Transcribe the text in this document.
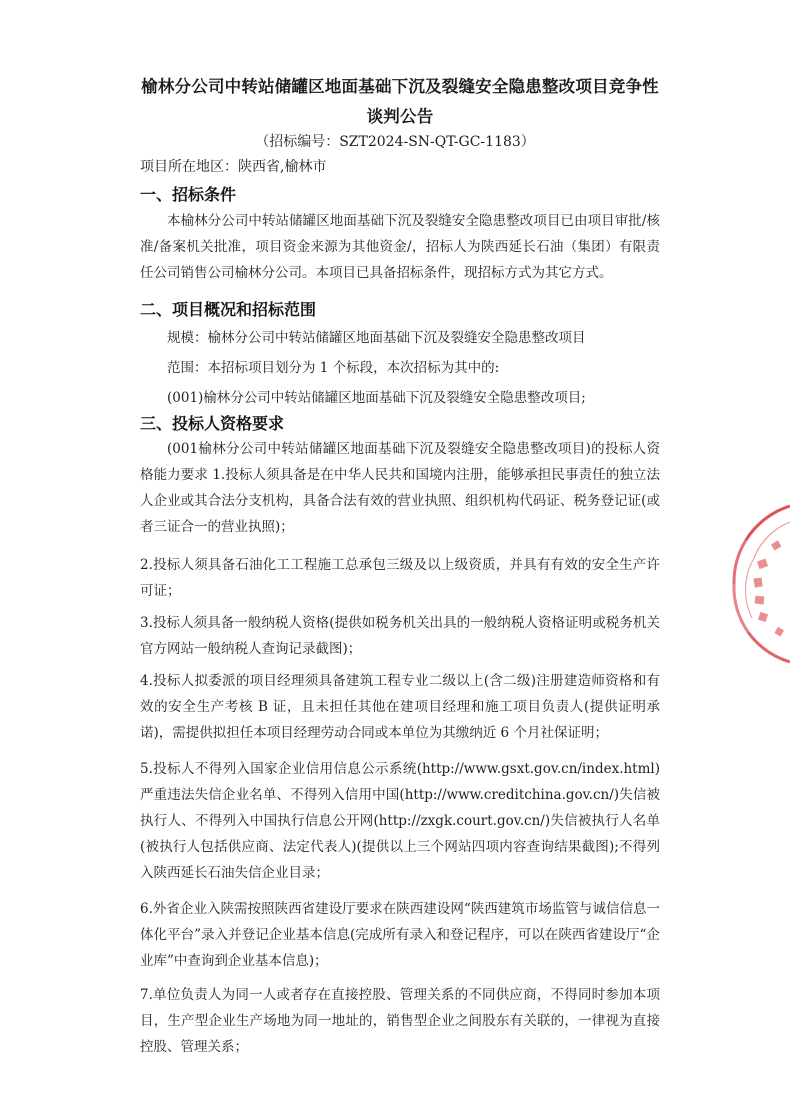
榆林分公司中转站储罐区地面基础下沉及裂缝安全隐患整改项目竞争性谈判公告
（招标编号：SZT2024-SN-QT-GC-1183）
项目所在地区：陕西省,榆林市
一、招标条件
本榆林分公司中转站储罐区地面基础下沉及裂缝安全隐患整改项目已由项目审批/核准/备案机关批准，项目资金来源为其他资金/，招标人为陕西延长石油（集团）有限责任公司销售公司榆林分公司。本项目已具备招标条件，现招标方式为其它方式。
二、项目概况和招标范围
规模：榆林分公司中转站储罐区地面基础下沉及裂缝安全隐患整改项目
范围：本招标项目划分为 1 个标段，本次招标为其中的:
(001)榆林分公司中转站储罐区地面基础下沉及裂缝安全隐患整改项目;
三、投标人资格要求
(001榆林分公司中转站储罐区地面基础下沉及裂缝安全隐患整改项目)的投标人资格能力要求 1.投标人须具备是在中华人民共和国境内注册，能够承担民事责任的独立法人企业或其合法分支机构，具备合法有效的营业执照、组织机构代码证、税务登记证(或者三证合一的营业执照)；
2.投标人须具备石油化工工程施工总承包三级及以上级资质，并具有有效的安全生产许可证；
3.投标人须具备一般纳税人资格(提供如税务机关出具的一般纳税人资格证明或税务机关官方网站一般纳税人查询记录截图)；
4.投标人拟委派的项目经理须具备建筑工程专业二级以上(含二级)注册建造师资格和有效的安全生产考核 B 证，且未担任其他在建项目经理和施工项目负责人(提供证明承诺)，需提供拟担任本项目经理劳动合同或本单位为其缴纳近 6 个月社保证明；
5.投标人不得列入国家企业信用信息公示系统(http://www.gsxt.gov.cn/index.html)严重违法失信企业名单、不得列入信用中国(http://www.creditchina.gov.cn/)失信被执行人、不得列入中国执行信息公开网(http://zxgk.court.gov.cn/)失信被执行人名单(被执行人包括供应商、法定代表人)(提供以上三个网站四项内容查询结果截图);不得列入陕西延长石油失信企业目录；
6.外省企业入陕需按照陕西省建设厅要求在陕西建设网“陕西建筑市场监管与诚信信息一体化平台”录入并登记企业基本信息(完成所有录入和登记程序，可以在陕西省建设厅“企业库”中查询到企业基本信息)；
7.单位负责人为同一人或者存在直接控股、管理关系的不同供应商，不得同时参加本项目，生产型企业生产场地为同一地址的，销售型企业之间股东有关联的，一律视为直接控股、管理关系；
